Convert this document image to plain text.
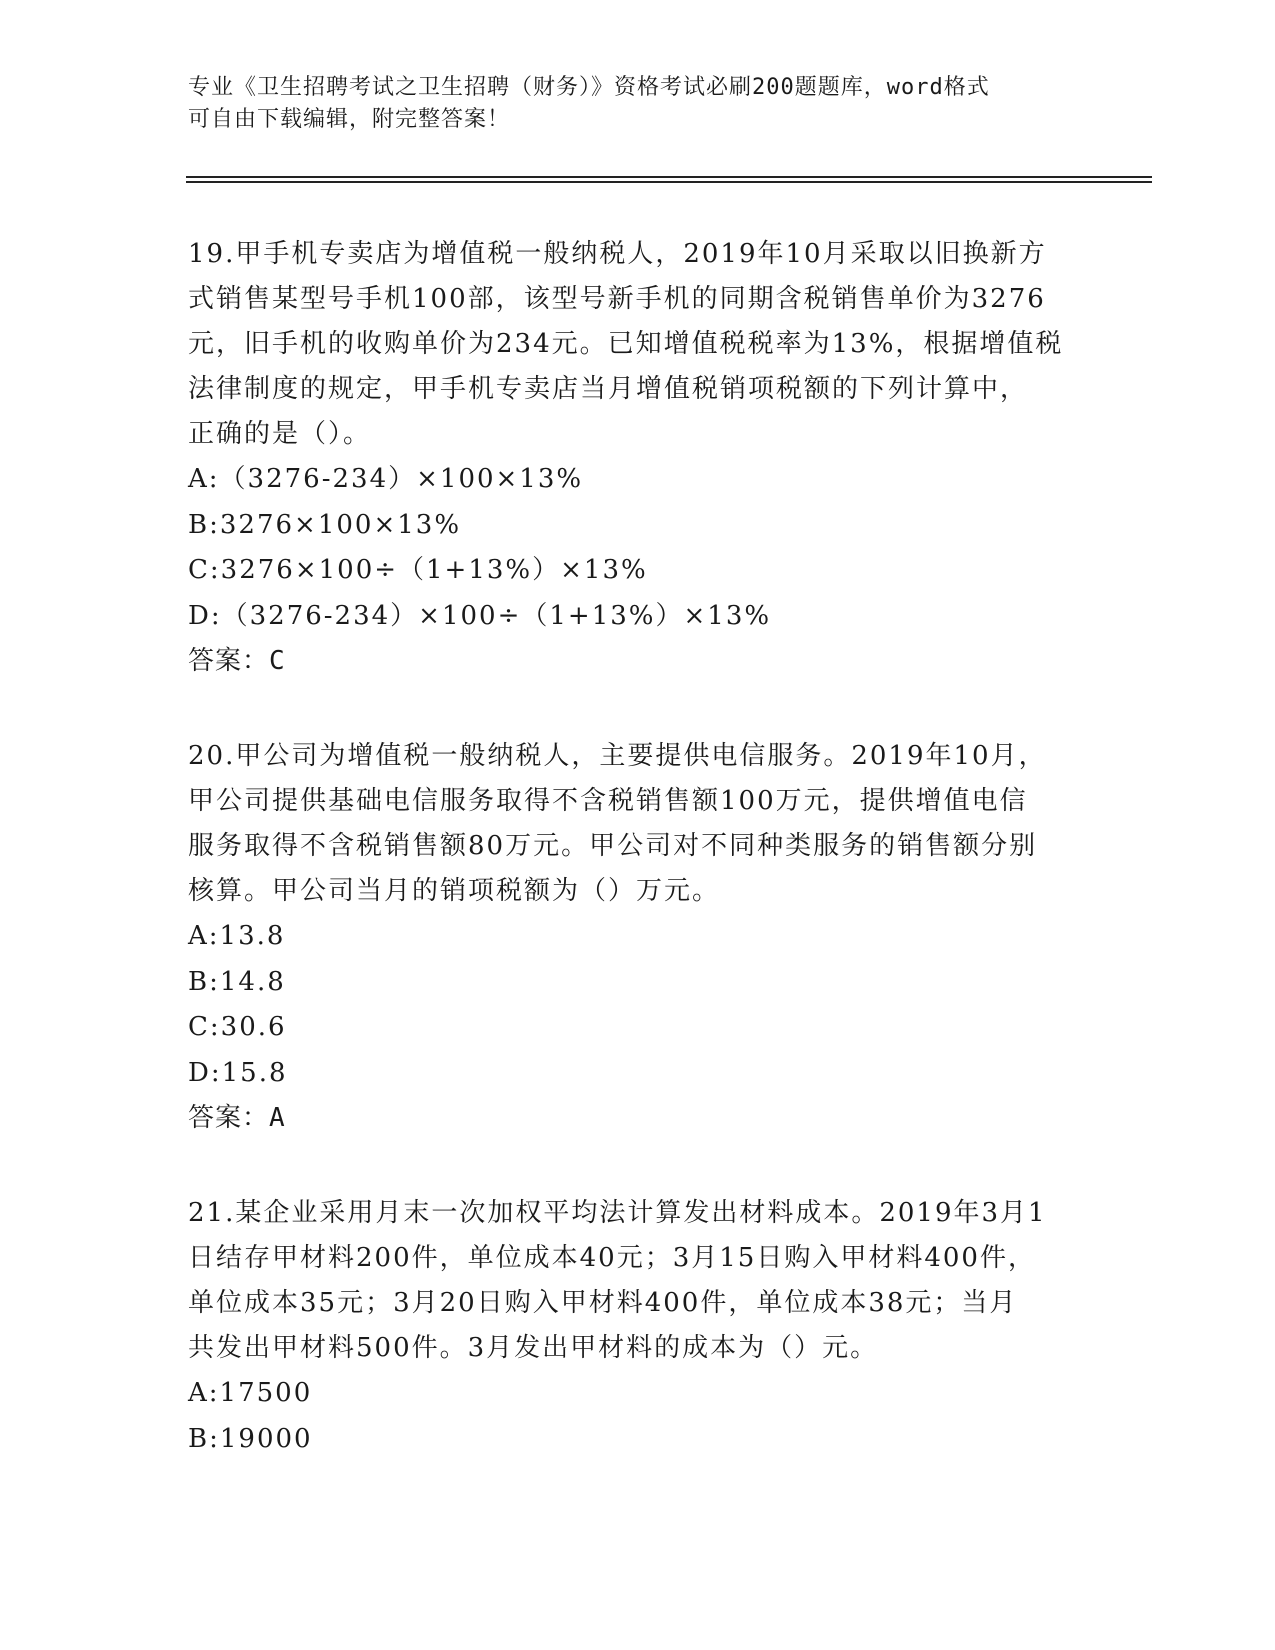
专业《卫生招聘考试之卫生招聘（财务）》资格考试必刷200题题库，word格式
可自由下载编辑，附完整答案！

19.甲手机专卖店为增值税一般纳税人，2019年10月采取以旧换新方

式销售某型号手机100部，该型号新手机的同期含税销售单价为3276

元，旧手机的收购单价为234元。已知增值税税率为13%，根据增值税

法律制度的规定，甲手机专卖店当月增值税销项税额的下列计算中，

正确的是（）。

A:（3276-234）×100×13%

B:3276×100×13%

C:3276×100÷（1+13%）×13%

D:（3276-234）×100÷（1+13%）×13%

答案：C

20.甲公司为增值税一般纳税人，主要提供电信服务。2019年10月，

甲公司提供基础电信服务取得不含税销售额100万元，提供增值电信

服务取得不含税销售额80万元。甲公司对不同种类服务的销售额分别

核算。甲公司当月的销项税额为（）万元。

A:13.8

B:14.8

C:30.6

D:15.8

答案：A

21.某企业采用月末一次加权平均法计算发出材料成本。2019年3月1

日结存甲材料200件，单位成本40元；3月15日购入甲材料400件，

单位成本35元；3月20日购入甲材料400件，单位成本38元；当月

共发出甲材料500件。3月发出甲材料的成本为（）元。

A:17500

B:19000
